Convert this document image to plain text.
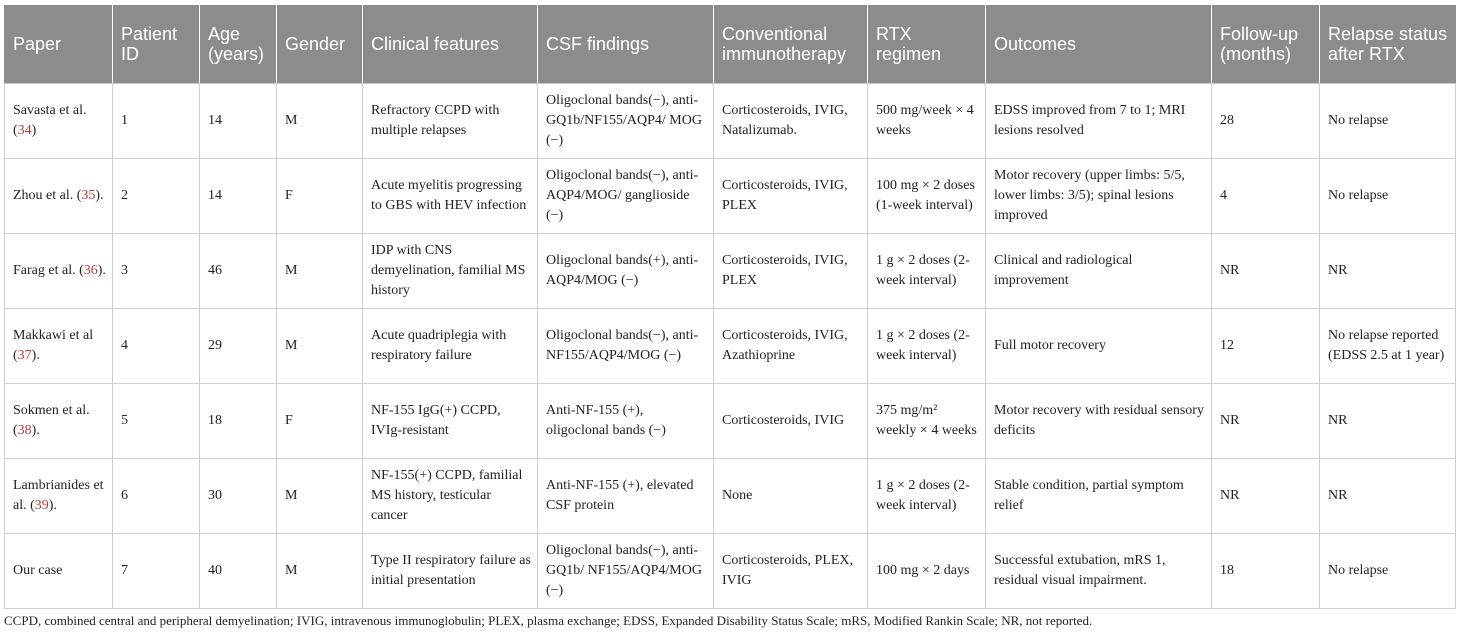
Paper	Patient ID	Age (years)	Gender	Clinical features	CSF findings	Conventional immunotherapy	RTX regimen	Outcomes	Follow-up (months)	Relapse status after RTX
Savasta et al. (34)	1	14	M	Refractory CCPD with multiple relapses	Oligoclonal bands(−), anti-GQ1b/NF155/AQP4/ MOG (−)	Corticosteroids, IVIG, Natalizumab.	500 mg/week × 4 weeks	EDSS improved from 7 to 1; MRI lesions resolved	28	No relapse
Zhou et al. (35).	2	14	F	Acute myelitis progressing to GBS with HEV infection	Oligoclonal bands(−), anti-AQP4/MOG/ ganglioside (−)	Corticosteroids, IVIG, PLEX	100 mg × 2 doses (1-week interval)	Motor recovery (upper limbs: 5/5, lower limbs: 3/5); spinal lesions improved	4	No relapse
Farag et al. (36).	3	46	M	IDP with CNS demyelination, familial MS history	Oligoclonal bands(+), anti-AQP4/MOG (−)	Corticosteroids, IVIG, PLEX	1 g × 2 doses (2-week interval)	Clinical and radiological improvement	NR	NR
Makkawi et al (37).	4	29	M	Acute quadriplegia with respiratory failure	Oligoclonal bands(−), anti-NF155/AQP4/MOG (−)	Corticosteroids, IVIG, Azathioprine	1 g × 2 doses (2-week interval)	Full motor recovery	12	No relapse reported (EDSS 2.5 at 1 year)
Sokmen et al. (38).	5	18	F	NF-155 IgG(+) CCPD, IVIg-resistant	Anti-NF-155 (+), oligoclonal bands (−)	Corticosteroids, IVIG	375 mg/m² weekly × 4 weeks	Motor recovery with residual sensory deficits	NR	NR
Lambrianides et al. (39).	6	30	M	NF-155(+) CCPD, familial MS history, testicular cancer	Anti-NF-155 (+), elevated CSF protein	None	1 g × 2 doses (2-week interval)	Stable condition, partial symptom relief	NR	NR
Our case	7	40	M	Type II respiratory failure as initial presentation	Oligoclonal bands(−), anti-GQ1b/ NF155/AQP4/MOG (−)	Corticosteroids, PLEX, IVIG	100 mg × 2 days	Successful extubation, mRS 1, residual visual impairment.	18	No relapse
CCPD, combined central and peripheral demyelination; IVIG, intravenous immunoglobulin; PLEX, plasma exchange; EDSS, Expanded Disability Status Scale; mRS, Modified Rankin Scale; NR, not reported.
